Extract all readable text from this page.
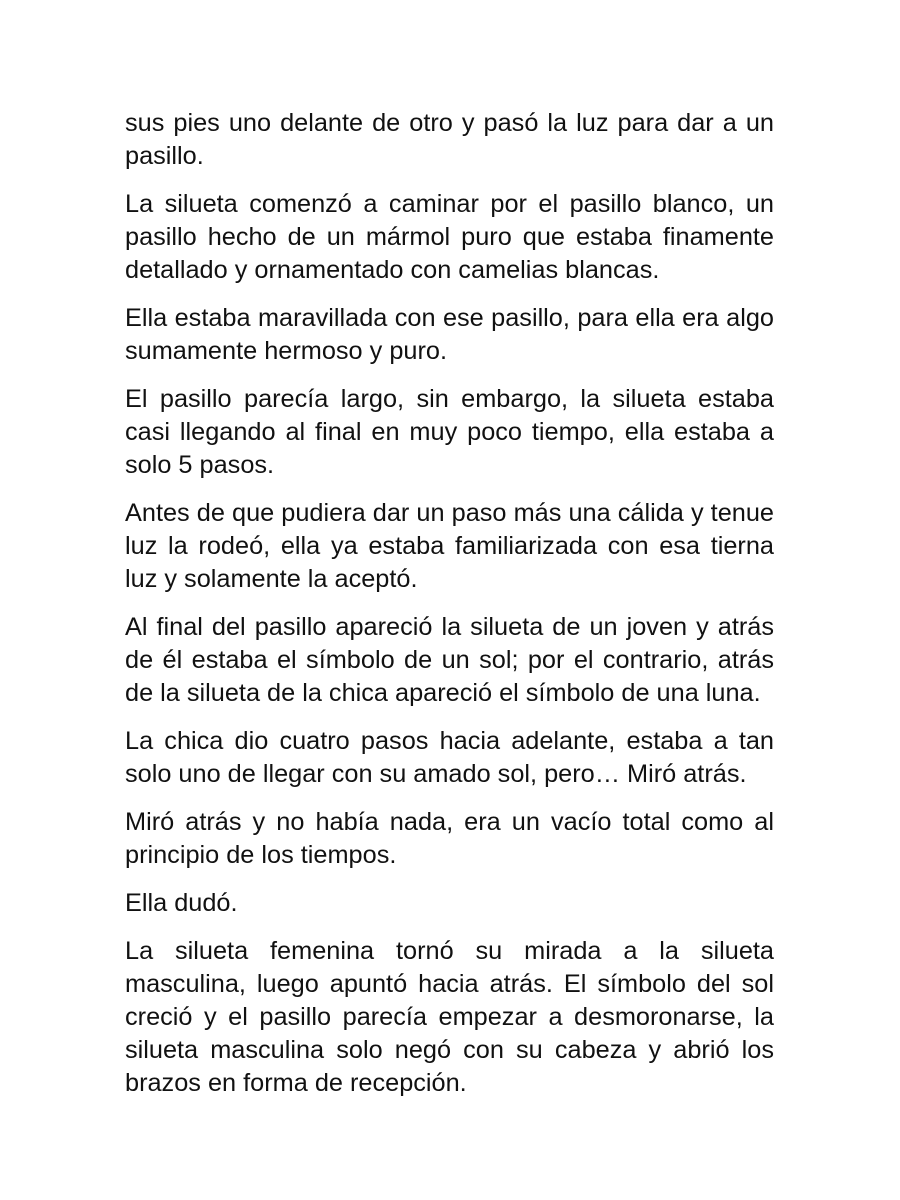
sus pies uno delante de otro y pasó la luz para dar a un pasillo.

La silueta comenzó a caminar por el pasillo blanco, un pasillo hecho de un mármol puro que estaba finamente detallado y ornamentado con camelias blancas.

Ella estaba maravillada con ese pasillo, para ella era algo sumamente hermoso y puro.

El pasillo parecía largo, sin embargo, la silueta estaba casi llegando al final en muy poco tiempo, ella estaba a solo 5 pasos.

Antes de que pudiera dar un paso más una cálida y tenue luz la rodeó, ella ya estaba familiarizada con esa tierna luz y solamente la aceptó.

Al final del pasillo apareció la silueta de un joven y atrás de él estaba el símbolo de un sol; por el contrario, atrás de la silueta de la chica apareció el símbolo de una luna.

La chica dio cuatro pasos hacia adelante, estaba a tan solo uno de llegar con su amado sol, pero… Miró atrás.

Miró atrás y no había nada, era un vacío total como al principio de los tiempos.

Ella dudó.

La silueta femenina tornó su mirada a la silueta masculina, luego apuntó hacia atrás. El símbolo del sol creció y el pasillo parecía empezar a desmoronarse, la silueta masculina solo negó con su cabeza y abrió los brazos en forma de recepción.
